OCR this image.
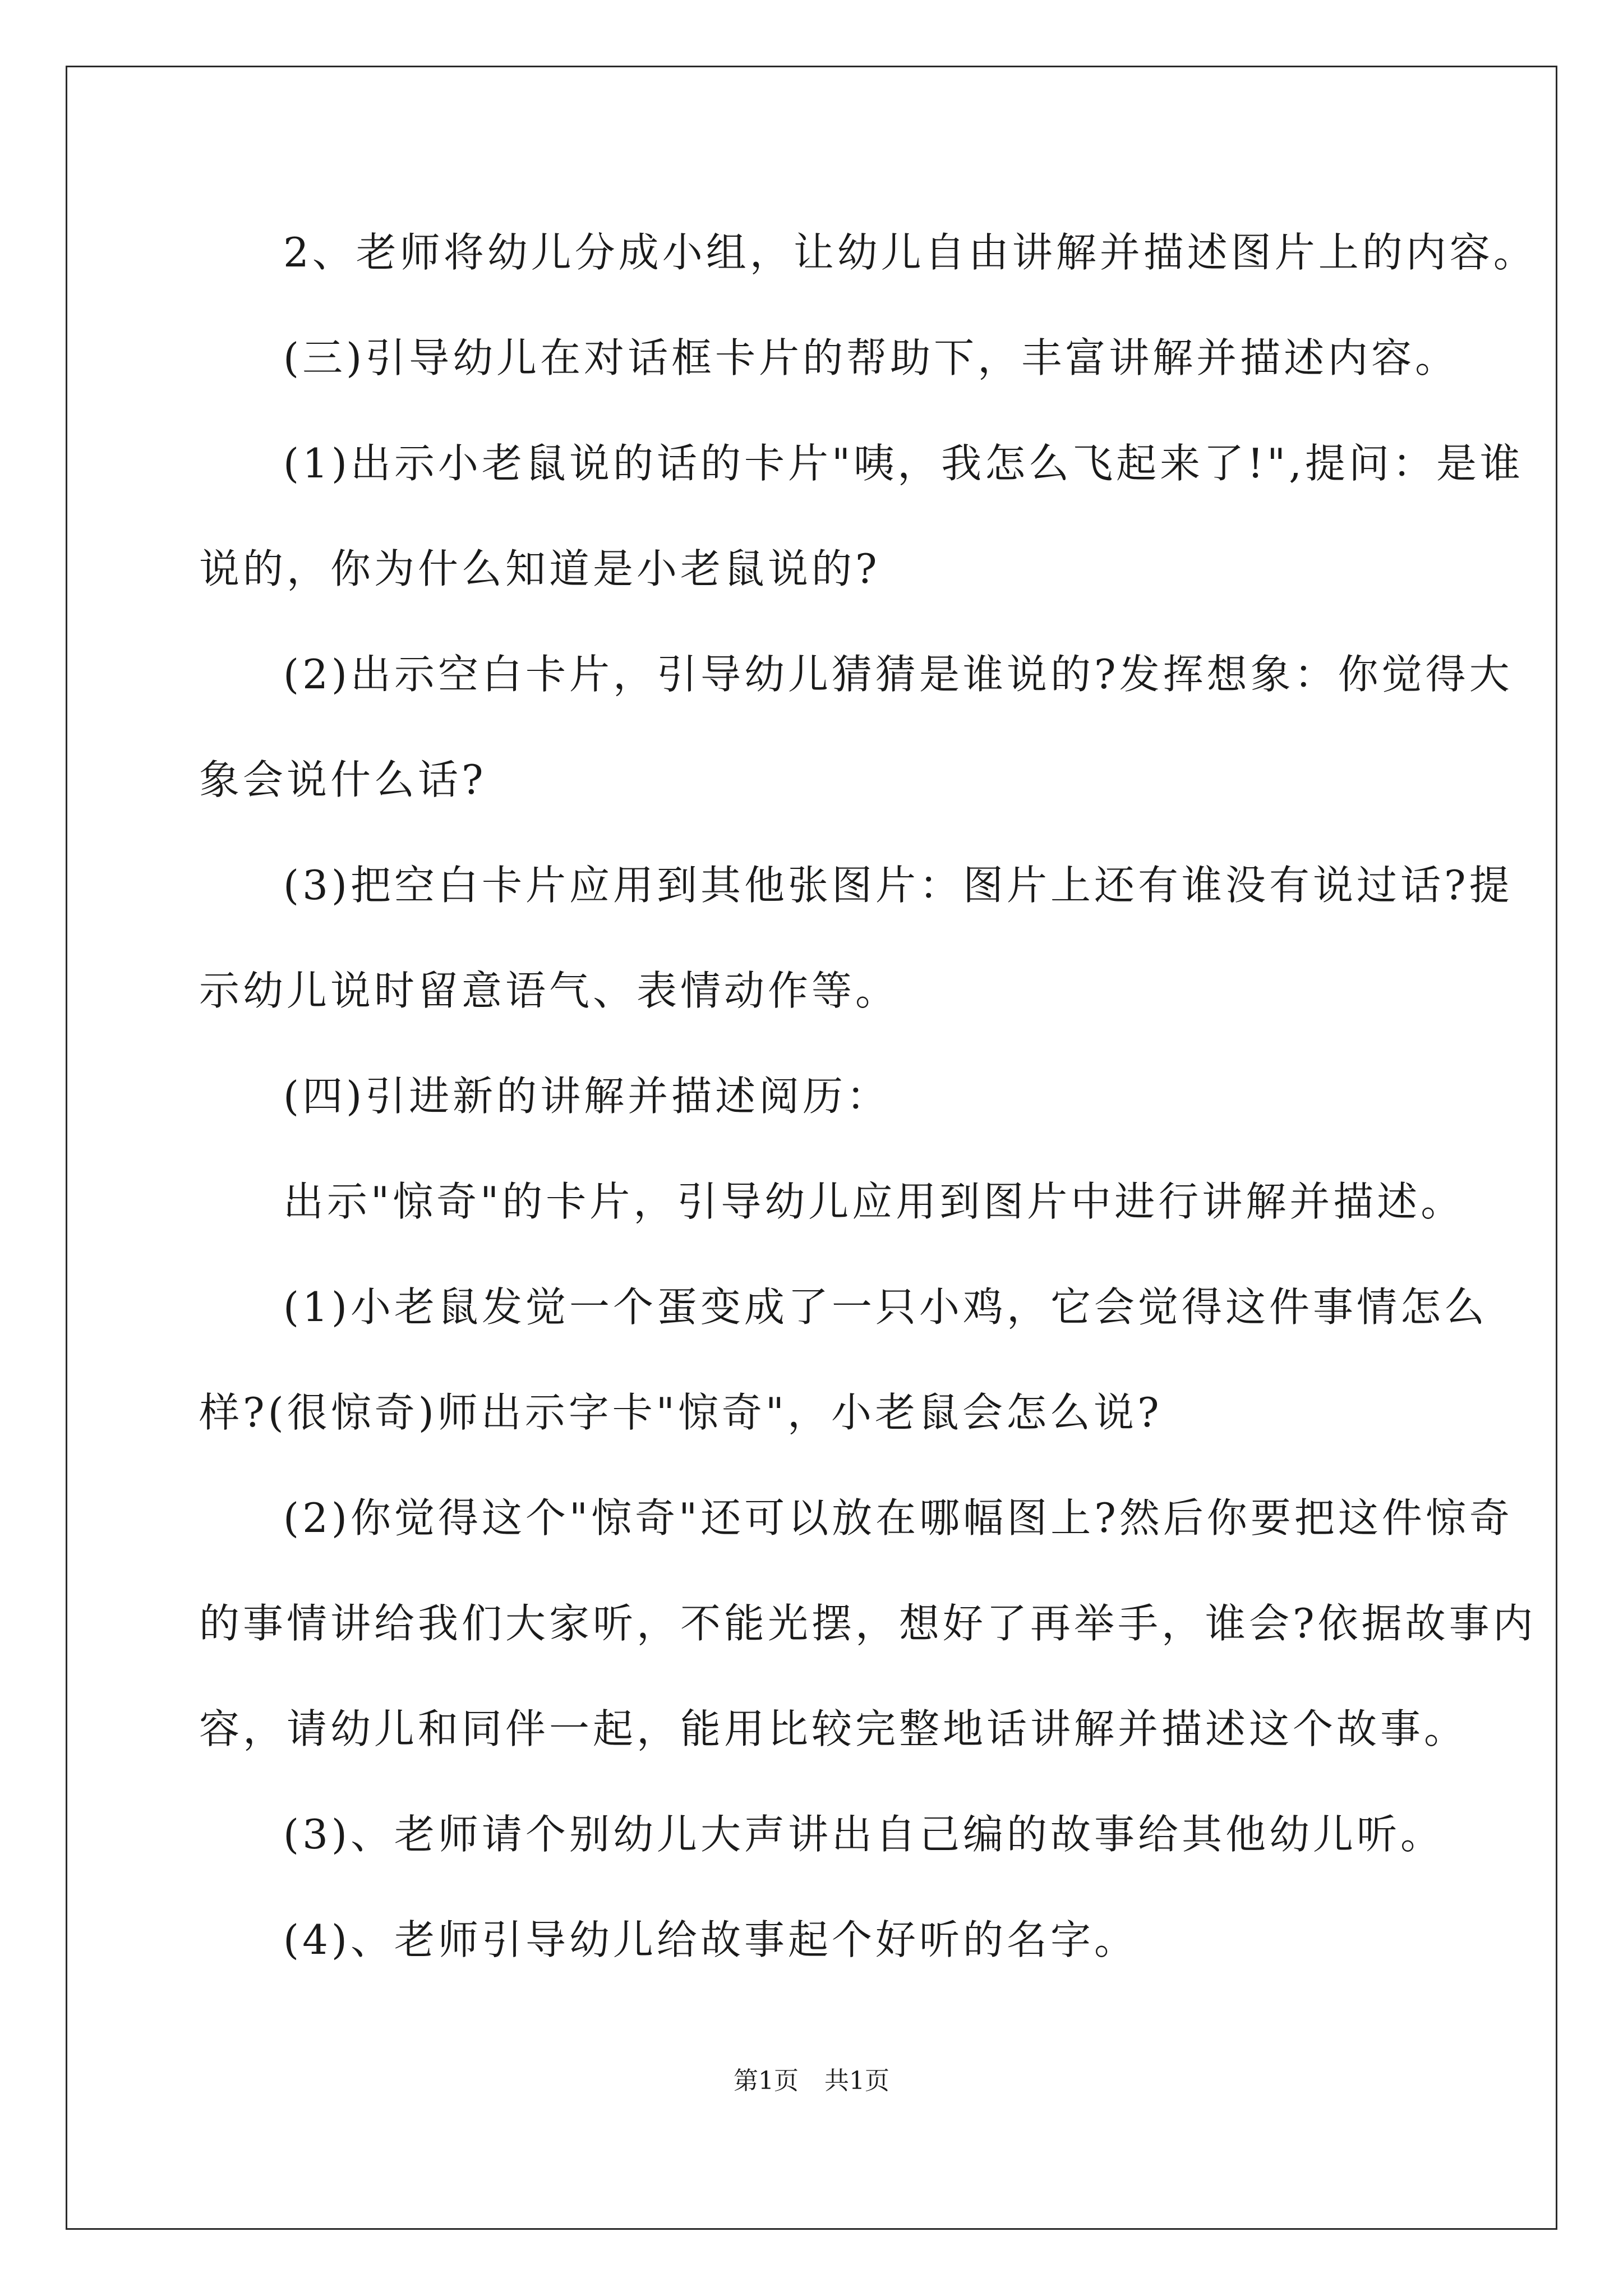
2、老师将幼儿分成小组，让幼儿自由讲解并描述图片上的内容。
(三)引导幼儿在对话框卡片的帮助下，丰富讲解并描述内容。
(1)出示小老鼠说的话的卡片"咦，我怎么飞起来了!",提问：是谁
说的，你为什么知道是小老鼠说的?
(2)出示空白卡片，引导幼儿猜猜是谁说的?发挥想象：你觉得大
象会说什么话?
(3)把空白卡片应用到其他张图片：图片上还有谁没有说过话?提
示幼儿说时留意语气、表情动作等。
(四)引进新的讲解并描述阅历：
出示"惊奇"的卡片，引导幼儿应用到图片中进行讲解并描述。
(1)小老鼠发觉一个蛋变成了一只小鸡，它会觉得这件事情怎么
样?(很惊奇)师出示字卡"惊奇"，小老鼠会怎么说?
(2)你觉得这个"惊奇"还可以放在哪幅图上?然后你要把这件惊奇
的事情讲给我们大家听，不能光摆，想好了再举手，谁会?依据故事内
容，请幼儿和同伴一起，能用比较完整地话讲解并描述这个故事。
(3)、老师请个别幼儿大声讲出自己编的故事给其他幼儿听。
(4)、老师引导幼儿给故事起个好听的名字。
第1页 共1页
